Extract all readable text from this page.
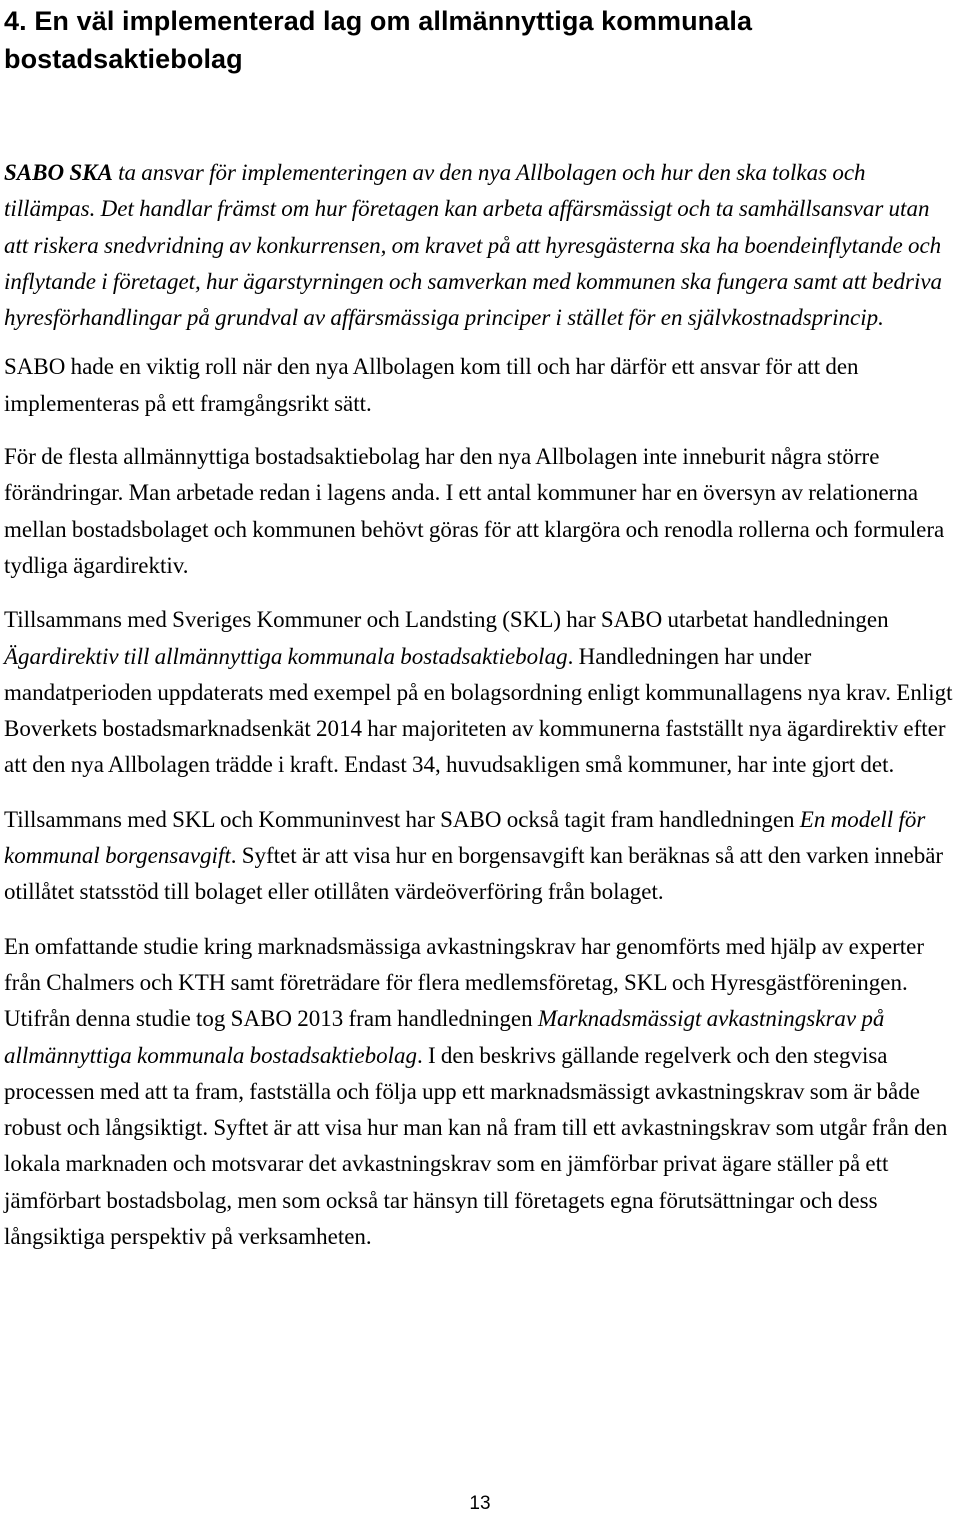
4. En väl implementerad lag om allmännyttiga kommunala bostadsaktiebolag

SABO SKA ta ansvar för implementeringen av den nya Allbolagen och hur den ska tolkas och tillämpas. Det handlar främst om hur företagen kan arbeta affärsmässigt och ta samhällsansvar utan att riskera snedvridning av konkurrensen, om kravet på att hyresgästerna ska ha boendeinflytande och inflytande i företaget, hur ägarstyrningen och samverkan med kommunen ska fungera samt att bedriva hyresförhandlingar på grundval av affärsmässiga principer i stället för en självkostnadsprincip.

SABO hade en viktig roll när den nya Allbolagen kom till och har därför ett ansvar för att den implementeras på ett framgångsrikt sätt.

För de flesta allmännyttiga bostadsaktiebolag har den nya Allbolagen inte inneburit några större förändringar. Man arbetade redan i lagens anda. I ett antal kommuner har en översyn av relationerna mellan bostadsbolaget och kommunen behövt göras för att klargöra och renodla rollerna och formulera tydliga ägardirektiv.

Tillsammans med Sveriges Kommuner och Landsting (SKL) har SABO utarbetat handledningen Ägardirektiv till allmännyttiga kommunala bostadsaktiebolag. Handledningen har under mandatperioden uppdaterats med exempel på en bolagsordning enligt kommunallagens nya krav. Enligt Boverkets bostadsmarknadsenkät 2014 har majoriteten av kommunerna fastställt nya ägardirektiv efter att den nya Allbolagen trädde i kraft. Endast 34, huvudsakligen små kommuner, har inte gjort det.

Tillsammans med SKL och Kommuninvest har SABO också tagit fram handledningen En modell för kommunal borgensavgift. Syftet är att visa hur en borgensavgift kan beräknas så att den varken innebär otillåtet statsstöd till bolaget eller otillåten värdeöverföring från bolaget.

En omfattande studie kring marknadsmässiga avkastningskrav har genomförts med hjälp av experter från Chalmers och KTH samt företrädare för flera medlemsföretag, SKL och Hyresgästföreningen. Utifrån denna studie tog SABO 2013 fram handledningen Marknadsmässigt avkastningskrav på allmännyttiga kommunala bostadsaktiebolag. I den beskrivs gällande regelverk och den stegvisa processen med att ta fram, fastställa och följa upp ett marknadsmässigt avkastningskrav som är både robust och långsiktigt. Syftet är att visa hur man kan nå fram till ett avkastningskrav som utgår från den lokala marknaden och motsvarar det avkastningskrav som en jämförbar privat ägare ställer på ett jämförbart bostadsbolag, men som också tar hänsyn till företagets egna förutsättningar och dess långsiktiga perspektiv på verksamheten.

13
